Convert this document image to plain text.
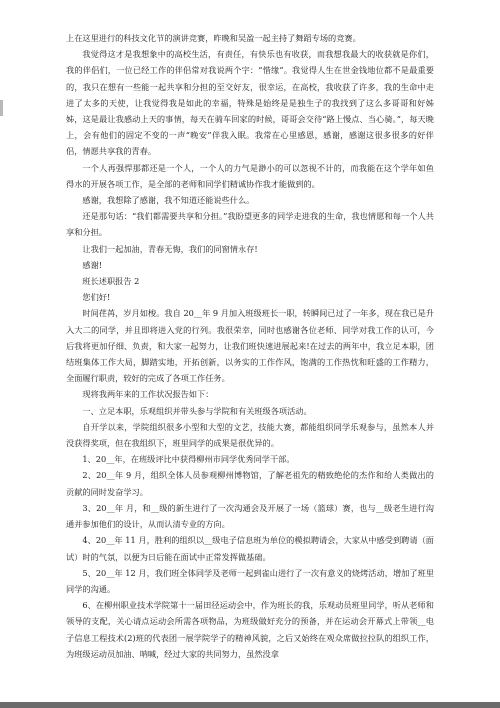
上在这里进行的科技文化节的演讲竞赛，昨晚和吴盈一起主持了舞蹈专场的竞赛。

我觉得这才是我想象中的高校生活，有责任，有快乐也有收获，而我想我最大的收获就是你们，我的伴侣们，一位已经工作的伴侣常对我说两个字：“惜缘”。我觉得人生在世金钱地位都不是最重要的，我只在想有一些能一起共享和分担的至交好友，很幸运，在高校，我收获了许多，我的生命中走进了太多的天使，让我觉得我是如此的幸福，特殊是始终是是独生子的我找到了这么多哥哥和好姊姊，这是最让我感动上天的事情，每天在骑车回家的时候，哥哥会交待“路上慢点、当心骑。”，每天晚上，会有他们的固定不变的一声“晚安”伴我入眠。我常在心里感恩，感谢，感谢这很多很多的好伴侣，情愿共享我的青春。

一个人再强悍那都还是一个人，一个人的力气是渺小的可以忽视不计的，而我能在这个学年如鱼得水的开展各项工作，是全部的老师和同学们精诚协作我才能做到的。

感谢，我想除了感谢，我不知道还能说些什么。

还是那句话：“我们都需要共享和分担。”我盼望更多的同学走进我的生命，我也情愿和每一个人共享和分担。

让我们一起加油，青春无悔，我们的同窗情永存!

感谢!

班长述职报告 2

您们好!

时间荏苒，岁月如梭。我自 20__年 9 月加入班级班长一职，转瞬间已过了一年多，现在我已是升入大二的同学，并且即将进入党的行列。我很荣幸，同时也感谢各位老师、同学对我工作的认可，今后我将更加仔细、负责，和大家一起努力，让我们班快速进展起来!在过去的两年中，我立足本职，团结班集体工作大局，脚踏实地，开拓创新，以务实的工作作风，饱满的工作热忱和旺盛的工作精力，全面履行职责，较好的完成了各项工作任务。

现将我两年来的工作状况报告如下：

一、立足本职，乐观组织并带头参与学院和有关班级各项活动。

自开学以来，学院组织很多小型和大型的文艺，技能大赛，都能组织同学乐观参与，虽然本人并没获得奖项，但在我组织下，班里同学的成果是很优异的。

1、20__年，在班级评比中获得柳州市同学优秀同学干部。

2、20__年 9 月，组织全体人员参观柳州博物馆，了解老祖先的精致绝伦的杰作和给人类做出的贡献的同时发奋学习。

3、20__年 月，和__级的新生进行了一次沟通会及开展了一场（篮球）赛，也与__级老生进行沟通并参加他们的设计，从而认清专业的方向。

4、20__年 11 月，胜利的组织以__级电子信息班为单位的模拟聘请会，大家从中感受到聘请（面试）时的气氛，以便为日后能在面试中正常发挥做基础。

5、20__年 12 月，我们班全体同学及老师一起到雀山进行了一次有意义的烧烤活动，增加了班里同学的沟通。

6、在柳州职业技术学院第十一届田径运动会中，作为班长的我，乐观动员班里同学，听从老师和领导的支配，关心请点运动会所需各项物品，为班级做好充分的预备，并在运动会开幕式上带领__电子信息工程技术(2)班的代表团一展学院学子的精神风貌，之后又始终在观众席做拉拉队的组织工作，为班级运动员加油、呐喊，经过大家的共同努力，虽然没拿
